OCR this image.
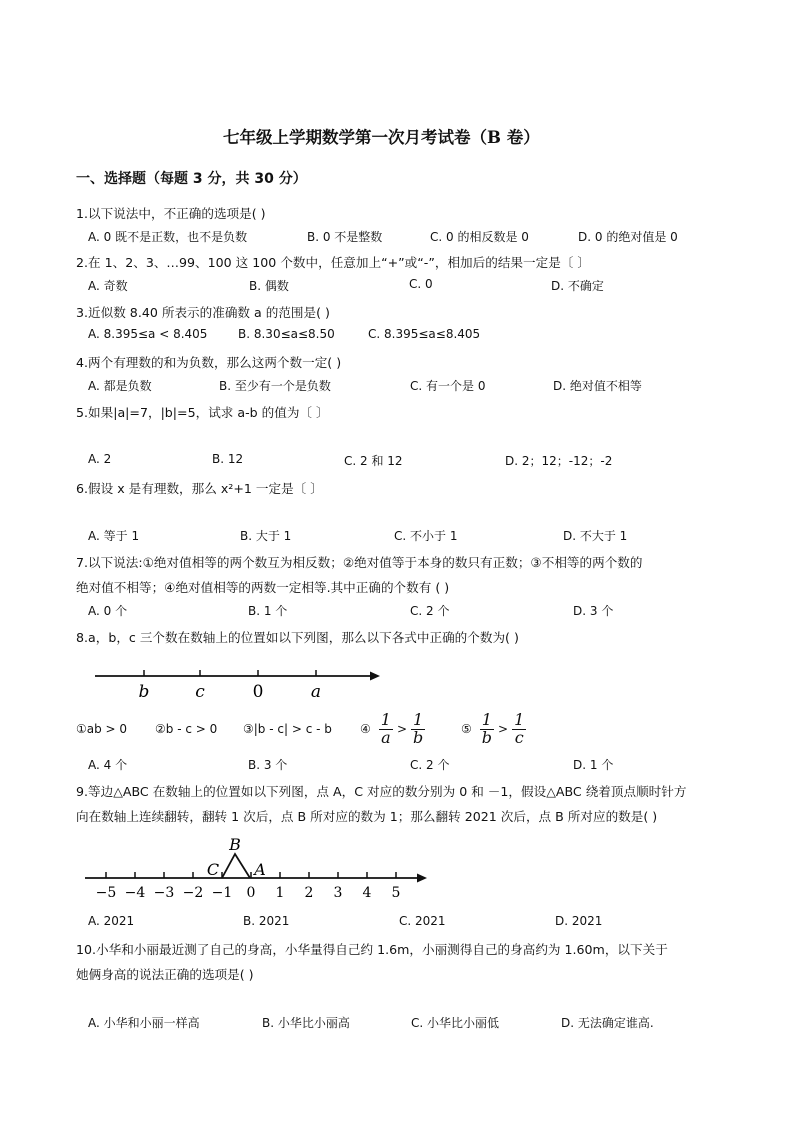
七年级上学期数学第一次月考试卷（B 卷）
一、选择题（每题 3 分，共 30 分）
1.以下说法中，不正确的选项是( )
A. 0 既不是正数，也不是负数	B. 0 不是整数	C. 0 的相反数是 0	D. 0 的绝对值是 0
2.在 1、2、3、…99、100 这 100 个数中，任意加上“+”或“-”，相加后的结果一定是〔 〕
A. 奇数	B. 偶数	C. 0	D. 不确定
3.近似数 8.40 所表示的准确数 a 的范围是( )
A. 8.395≤a < 8.405	B. 8.30≤a≤8.50	C. 8.395≤a≤8.405
4.两个有理数的和为负数，那么这两个数一定( )
A. 都是负数	B. 至少有一个是负数	C. 有一个是 0	D. 绝对值不相等
5.如果|a|=7，|b|=5，试求 a-b 的值为〔 〕
A. 2	B. 12	C. 2 和 12	D. 2；12；-12；-2
6.假设 x 是有理数，那么 x²+1 一定是〔 〕
A. 等于 1	B. 大于 1	C. 不小于 1	D. 不大于 1
7.以下说法:①绝对值相等的两个数互为相反数；②绝对值等于本身的数只有正数；③不相等的两个数的
绝对值不相等；④绝对值相等的两数一定相等.其中正确的个数有 ( )
A. 0 个	B. 1 个	C. 2 个	D. 3 个
8.a，b，c 三个数在数轴上的位置如以下列图，那么以下各式中正确的个数为( )
b	c	0	a
①ab > 0 ②b - c > 0 ③|b - c| > c - b ④ $\frac{1}{a} > \frac{1}{b}$	⑤ $\frac{1}{b} > \frac{1}{c}$
A. 4 个	B. 3 个	C. 2 个	D. 1 个
9.等边△ABC 在数轴上的位置如以下列图，点 A，C 对应的数分别为 0 和 －1，假设△ABC 绕着顶点顺时针方
向在数轴上连续翻转，翻转 1 次后，点 B 所对应的数为 1；那么翻转 2021 次后，点 B 所对应的数是( )
−5 −4 −3 −2 −1 0 1 2 3 4 5
B
C A
A. 2021	B. 2021	C. 2021	D. 2021
10.小华和小丽最近测了自己的身高，小华量得自己约 1.6m，小丽测得自己的身高约为 1.60m，以下关于
她俩身高的说法正确的选项是( )
A. 小华和小丽一样高	B. 小华比小丽高	C. 小华比小丽低	D. 无法确定谁高.
